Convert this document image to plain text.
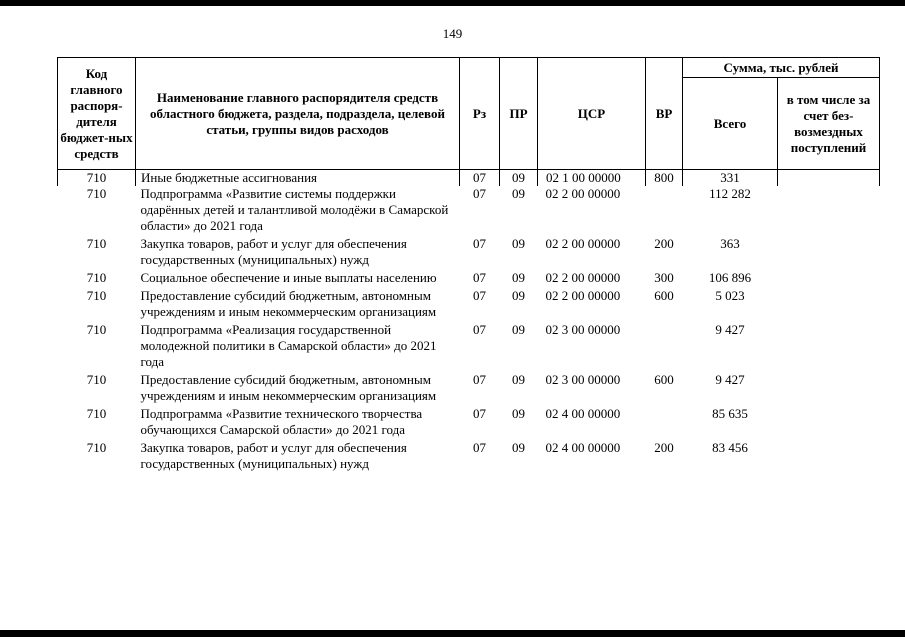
149
Код главного распоря-дителя бюджет-ных средств	Наименование главного распорядителя средств областного бюджета, раздела, подраздела, целевой статьи, группы видов расходов	Рз	ПР	ЦСР	ВР	Сумма, тыс. рублей	
						Всего	в том числе за счет без-возмездных поступлений
710	Иные бюджетные ассигнования	07	09	02 1 00 00000	800	331	
710	Подпрограмма «Развитие системы поддержки одарённых детей и талантливой молодёжи в Самарской области» до 2021 года	07	09	02 2 00 00000		112 282	
710	Закупка товаров, работ и услуг для обеспечения государственных (муниципальных) нужд	07	09	02 2 00 00000	200	363	
710	Социальное обеспечение и иные выплаты населению	07	09	02 2 00 00000	300	106 896	
710	Предоставление субсидий бюджетным, автономным учреждениям и иным некоммерческим организациям	07	09	02 2 00 00000	600	5 023	
710	Подпрограмма «Реализация государственной молодежной политики в Самарской области» до 2021 года	07	09	02 3 00 00000		9 427	
710	Предоставление субсидий бюджетным, автономным учреждениям и иным некоммерческим организациям	07	09	02 3 00 00000	600	9 427	
710	Подпрограмма «Развитие технического творчества обучающихся Самарской области» до 2021 года	07	09	02 4 00 00000		85 635	
710	Закупка товаров, работ и услуг для обеспечения государственных (муниципальных) нужд	07	09	02 4 00 00000	200	83 456	
